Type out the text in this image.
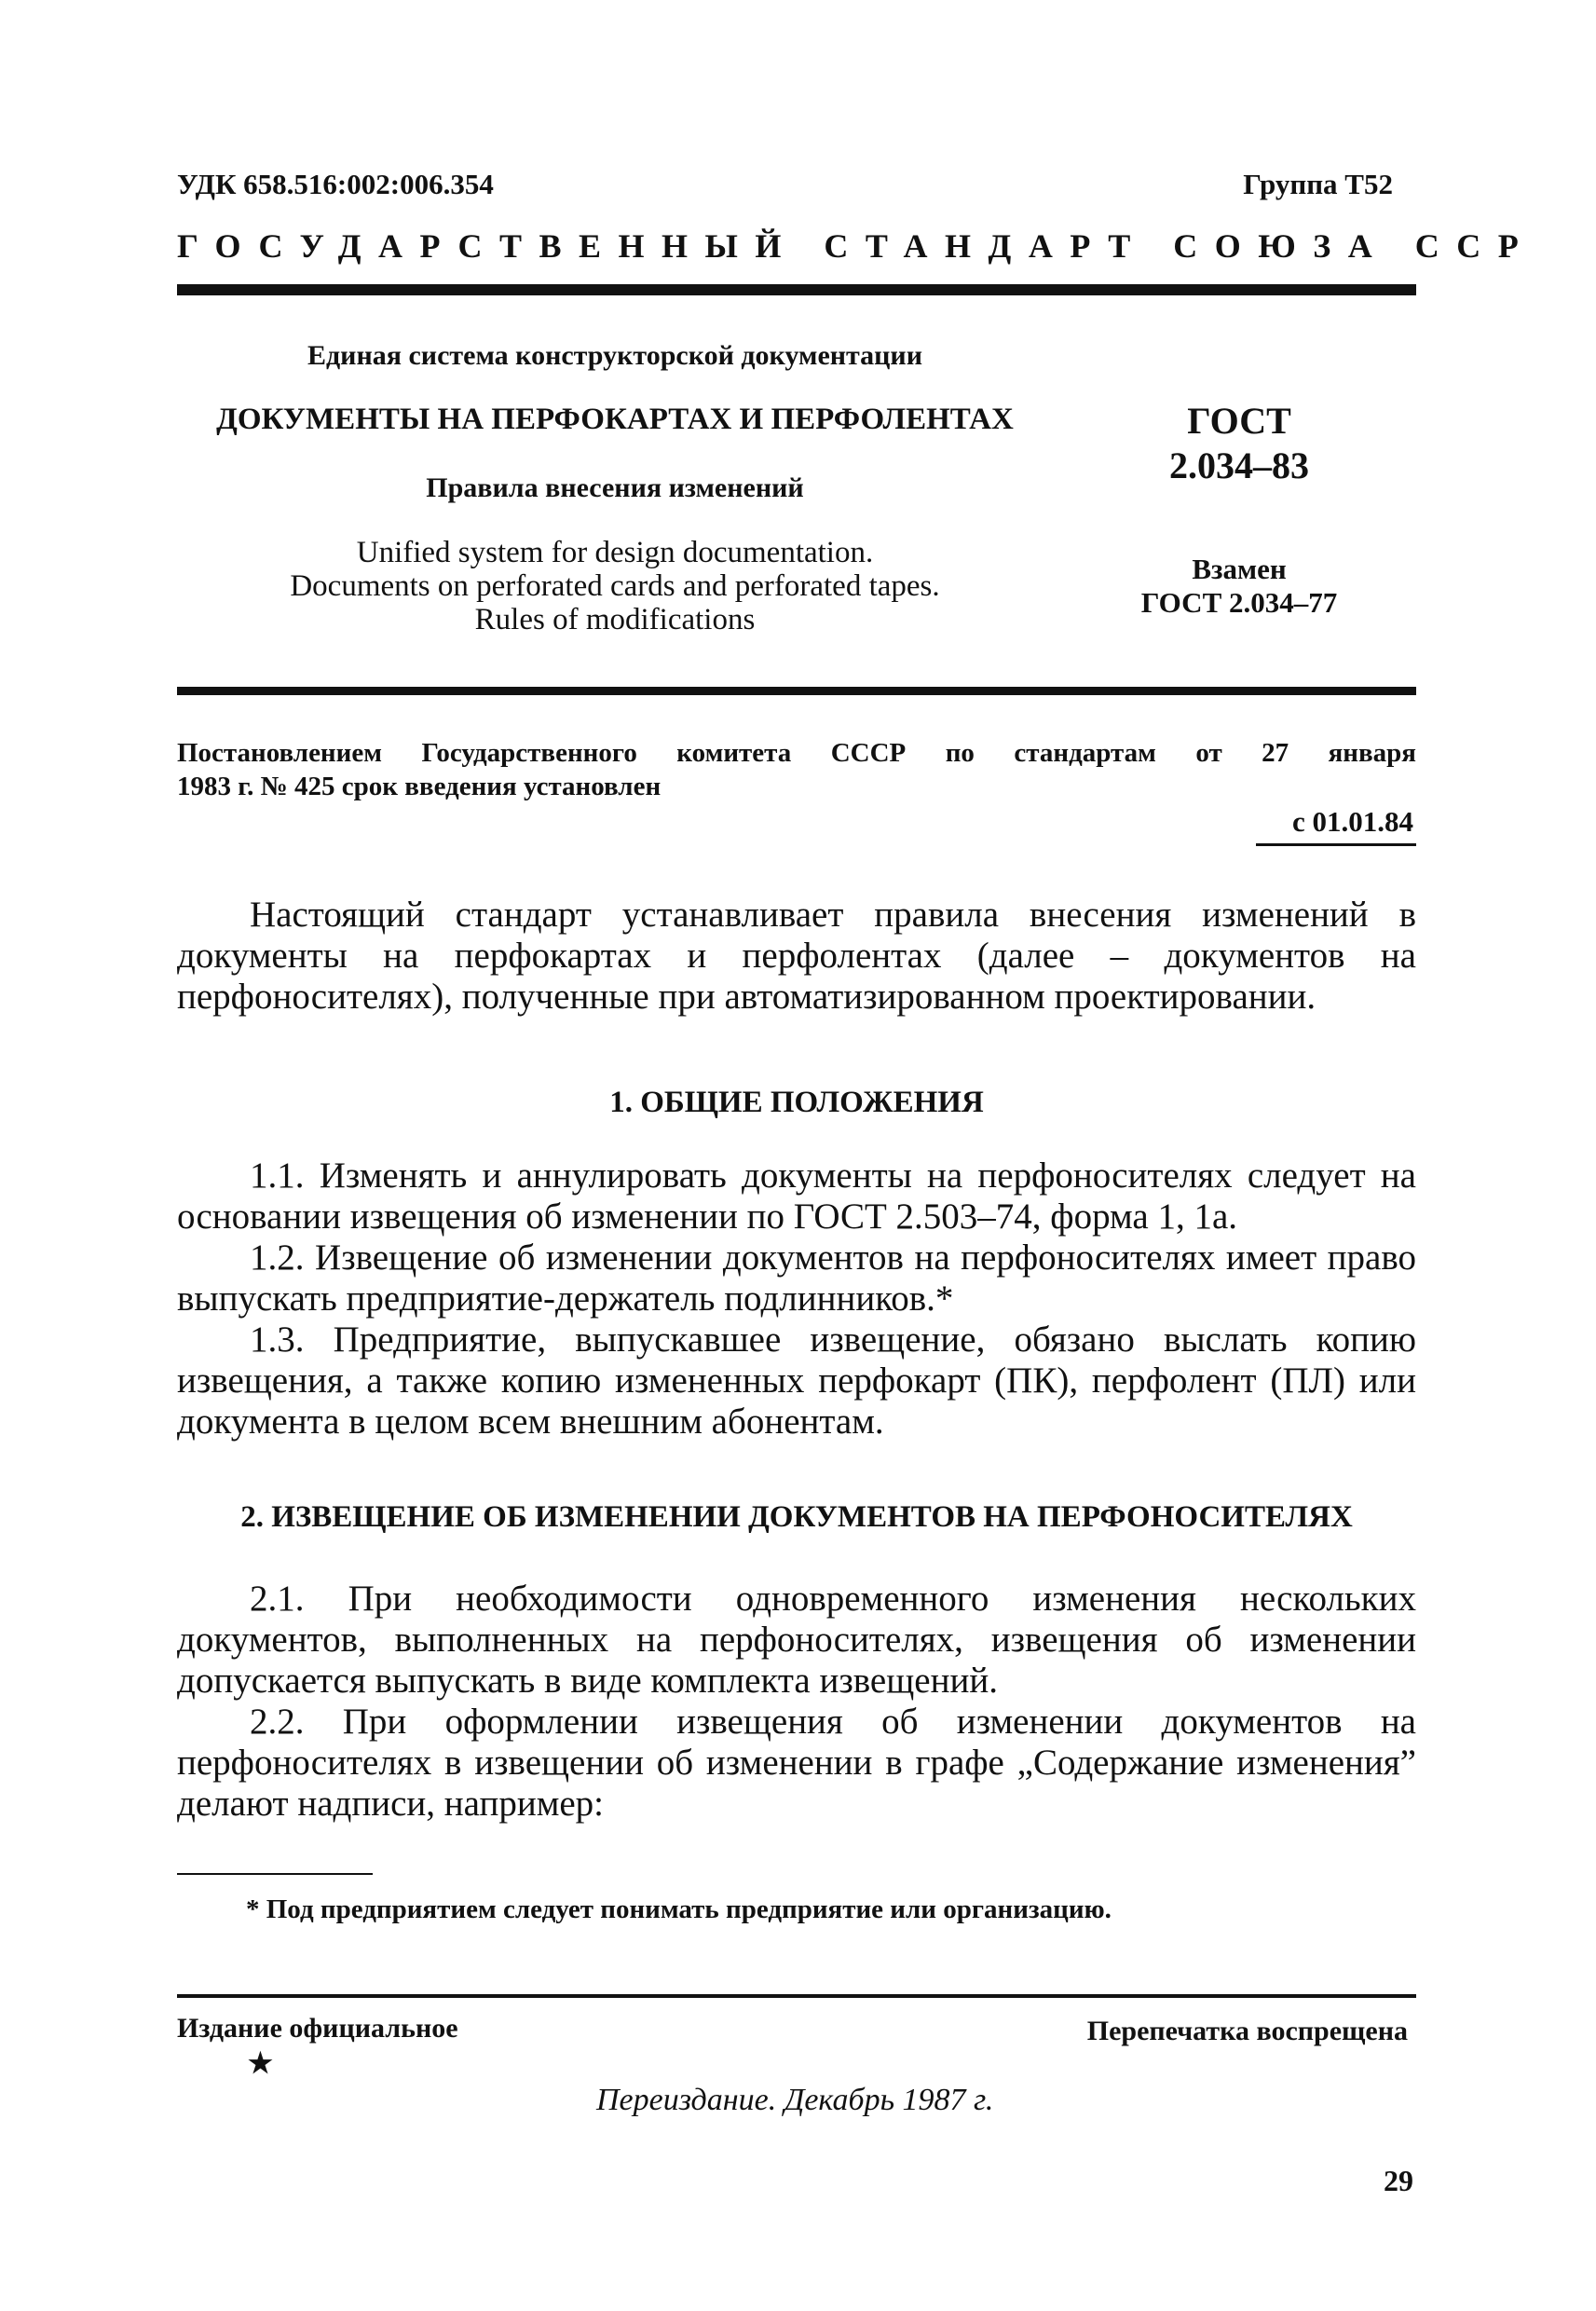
УДК 658.516:002:006.354	Группа Т52
ГОСУДАРСТВЕННЫЙ СТАНДАРТ СОЮЗА ССР
Единая система конструкторской документации
ДОКУМЕНТЫ НА ПЕРФОКАРТАХ И ПЕРФОЛЕНТАХ
Правила внесения изменений
Unified system for design documentation.
Documents on perforated cards and perforated tapes.
Rules of modifications
ГОСТ
2.034–83
Взамен
ГОСТ 2.034–77
Постановлением Государственного комитета СССР по стандартам от 27 января
1983 г. № 425 срок введения установлен
с 01.01.84

Настоящий стандарт устанавливает правила внесения изменений в документы на перфокартах и перфолентах (далее – документов на перфоносителях), полученные при автоматизированном проектировании.

1. ОБЩИЕ ПОЛОЖЕНИЯ

1.1. Изменять и аннулировать документы на перфоносителях следует на основании извещения об изменении по ГОСТ 2.503–74, форма 1, 1а.

1.2. Извещение об изменении документов на перфоносителях имеет право выпускать предприятие-держатель подлинников.*

1.3. Предприятие, выпускавшее извещение, обязано выслать копию извещения, а также копию измененных перфокарт (ПК), перфолент (ПЛ) или документа в целом всем внешним абонентам.

2. ИЗВЕЩЕНИЕ ОБ ИЗМЕНЕНИИ ДОКУМЕНТОВ НА ПЕРФОНОСИТЕЛЯХ

2.1. При необходимости одновременного изменения нескольких документов, выполненных на перфоносителях, извещения об изменении допускается выпускать в виде комплекта извещений.

2.2. При оформлении извещения об изменении документов на перфоносителях в извещении об изменении в графе „Содержание изменения” делают надписи, например:

* Под предприятием следует понимать предприятие или организацию.
Издание официальное
★
Перепечатка воспрещена
Переиздание. Декабрь 1987 г.
29
